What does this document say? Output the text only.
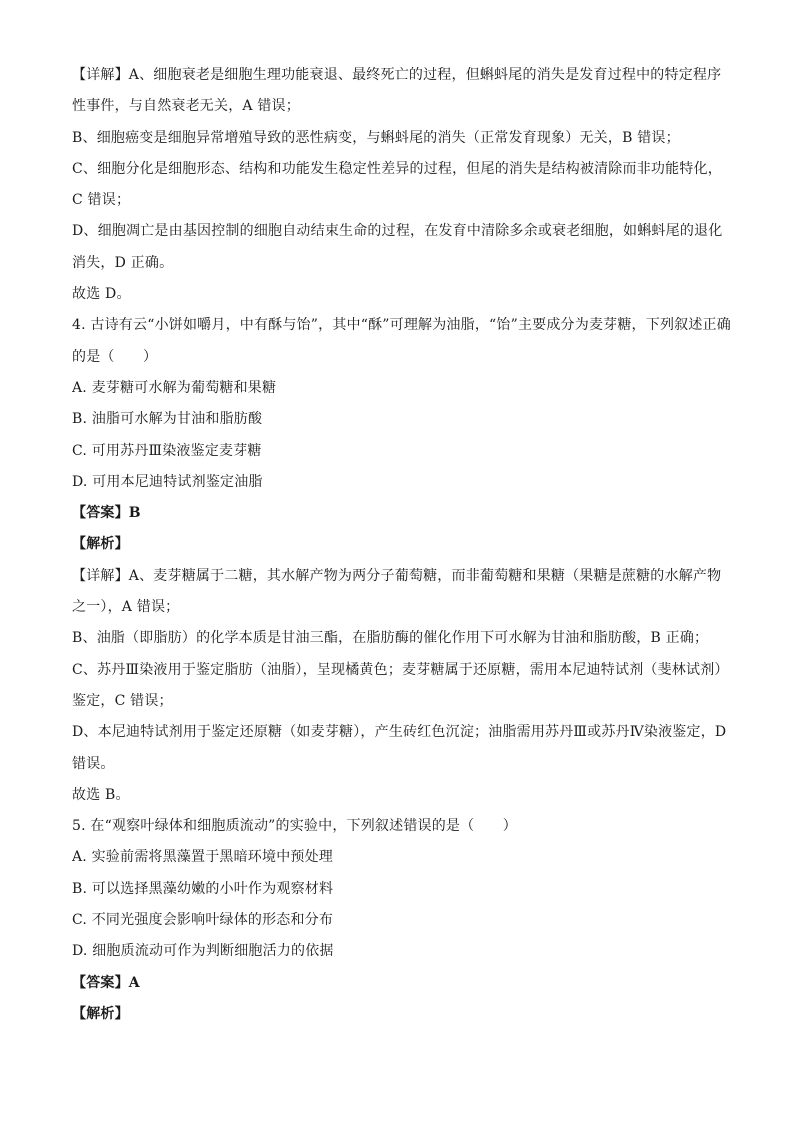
【详解】A、细胞衰老是细胞生理功能衰退、最终死亡的过程，但蝌蚪尾的消失是发育过程中的特定程序
性事件，与自然衰老无关，A 错误；
B、细胞癌变是细胞异常增殖导致的恶性病变，与蝌蚪尾的消失（正常发育现象）无关，B 错误；
C、细胞分化是细胞形态、结构和功能发生稳定性差异的过程，但尾的消失是结构被清除而非功能特化，
C 错误；
D、细胞凋亡是由基因控制的细胞自动结束生命的过程，在发育中清除多余或衰老细胞，如蝌蚪尾的退化
消失，D 正确。
故选 D。
4. 古诗有云“小饼如嚼月，中有酥与饴”，其中“酥”可理解为油脂，“饴”主要成分为麦芽糖，下列叙述正确
的是（　　）
A. 麦芽糖可水解为葡萄糖和果糖
B. 油脂可水解为甘油和脂肪酸
C. 可用苏丹Ⅲ染液鉴定麦芽糖
D. 可用本尼迪特试剂鉴定油脂
【答案】B
【解析】
【详解】A、麦芽糖属于二糖，其水解产物为两分子葡萄糖，而非葡萄糖和果糖（果糖是蔗糖的水解产物
之一），A 错误；
B、油脂（即脂肪）的化学本质是甘油三酯，在脂肪酶的催化作用下可水解为甘油和脂肪酸，B 正确；
C、苏丹Ⅲ染液用于鉴定脂肪（油脂），呈现橘黄色；麦芽糖属于还原糖，需用本尼迪特试剂（斐林试剂）
鉴定，C 错误；
D、本尼迪特试剂用于鉴定还原糖（如麦芽糖），产生砖红色沉淀；油脂需用苏丹Ⅲ或苏丹Ⅳ染液鉴定，D
错误。
故选 B。
5. 在“观察叶绿体和细胞质流动”的实验中，下列叙述错误的是（　　）
A. 实验前需将黑藻置于黑暗环境中预处理
B. 可以选择黑藻幼嫩的小叶作为观察材料
C. 不同光强度会影响叶绿体的形态和分布
D. 细胞质流动可作为判断细胞活力的依据
【答案】A
【解析】
